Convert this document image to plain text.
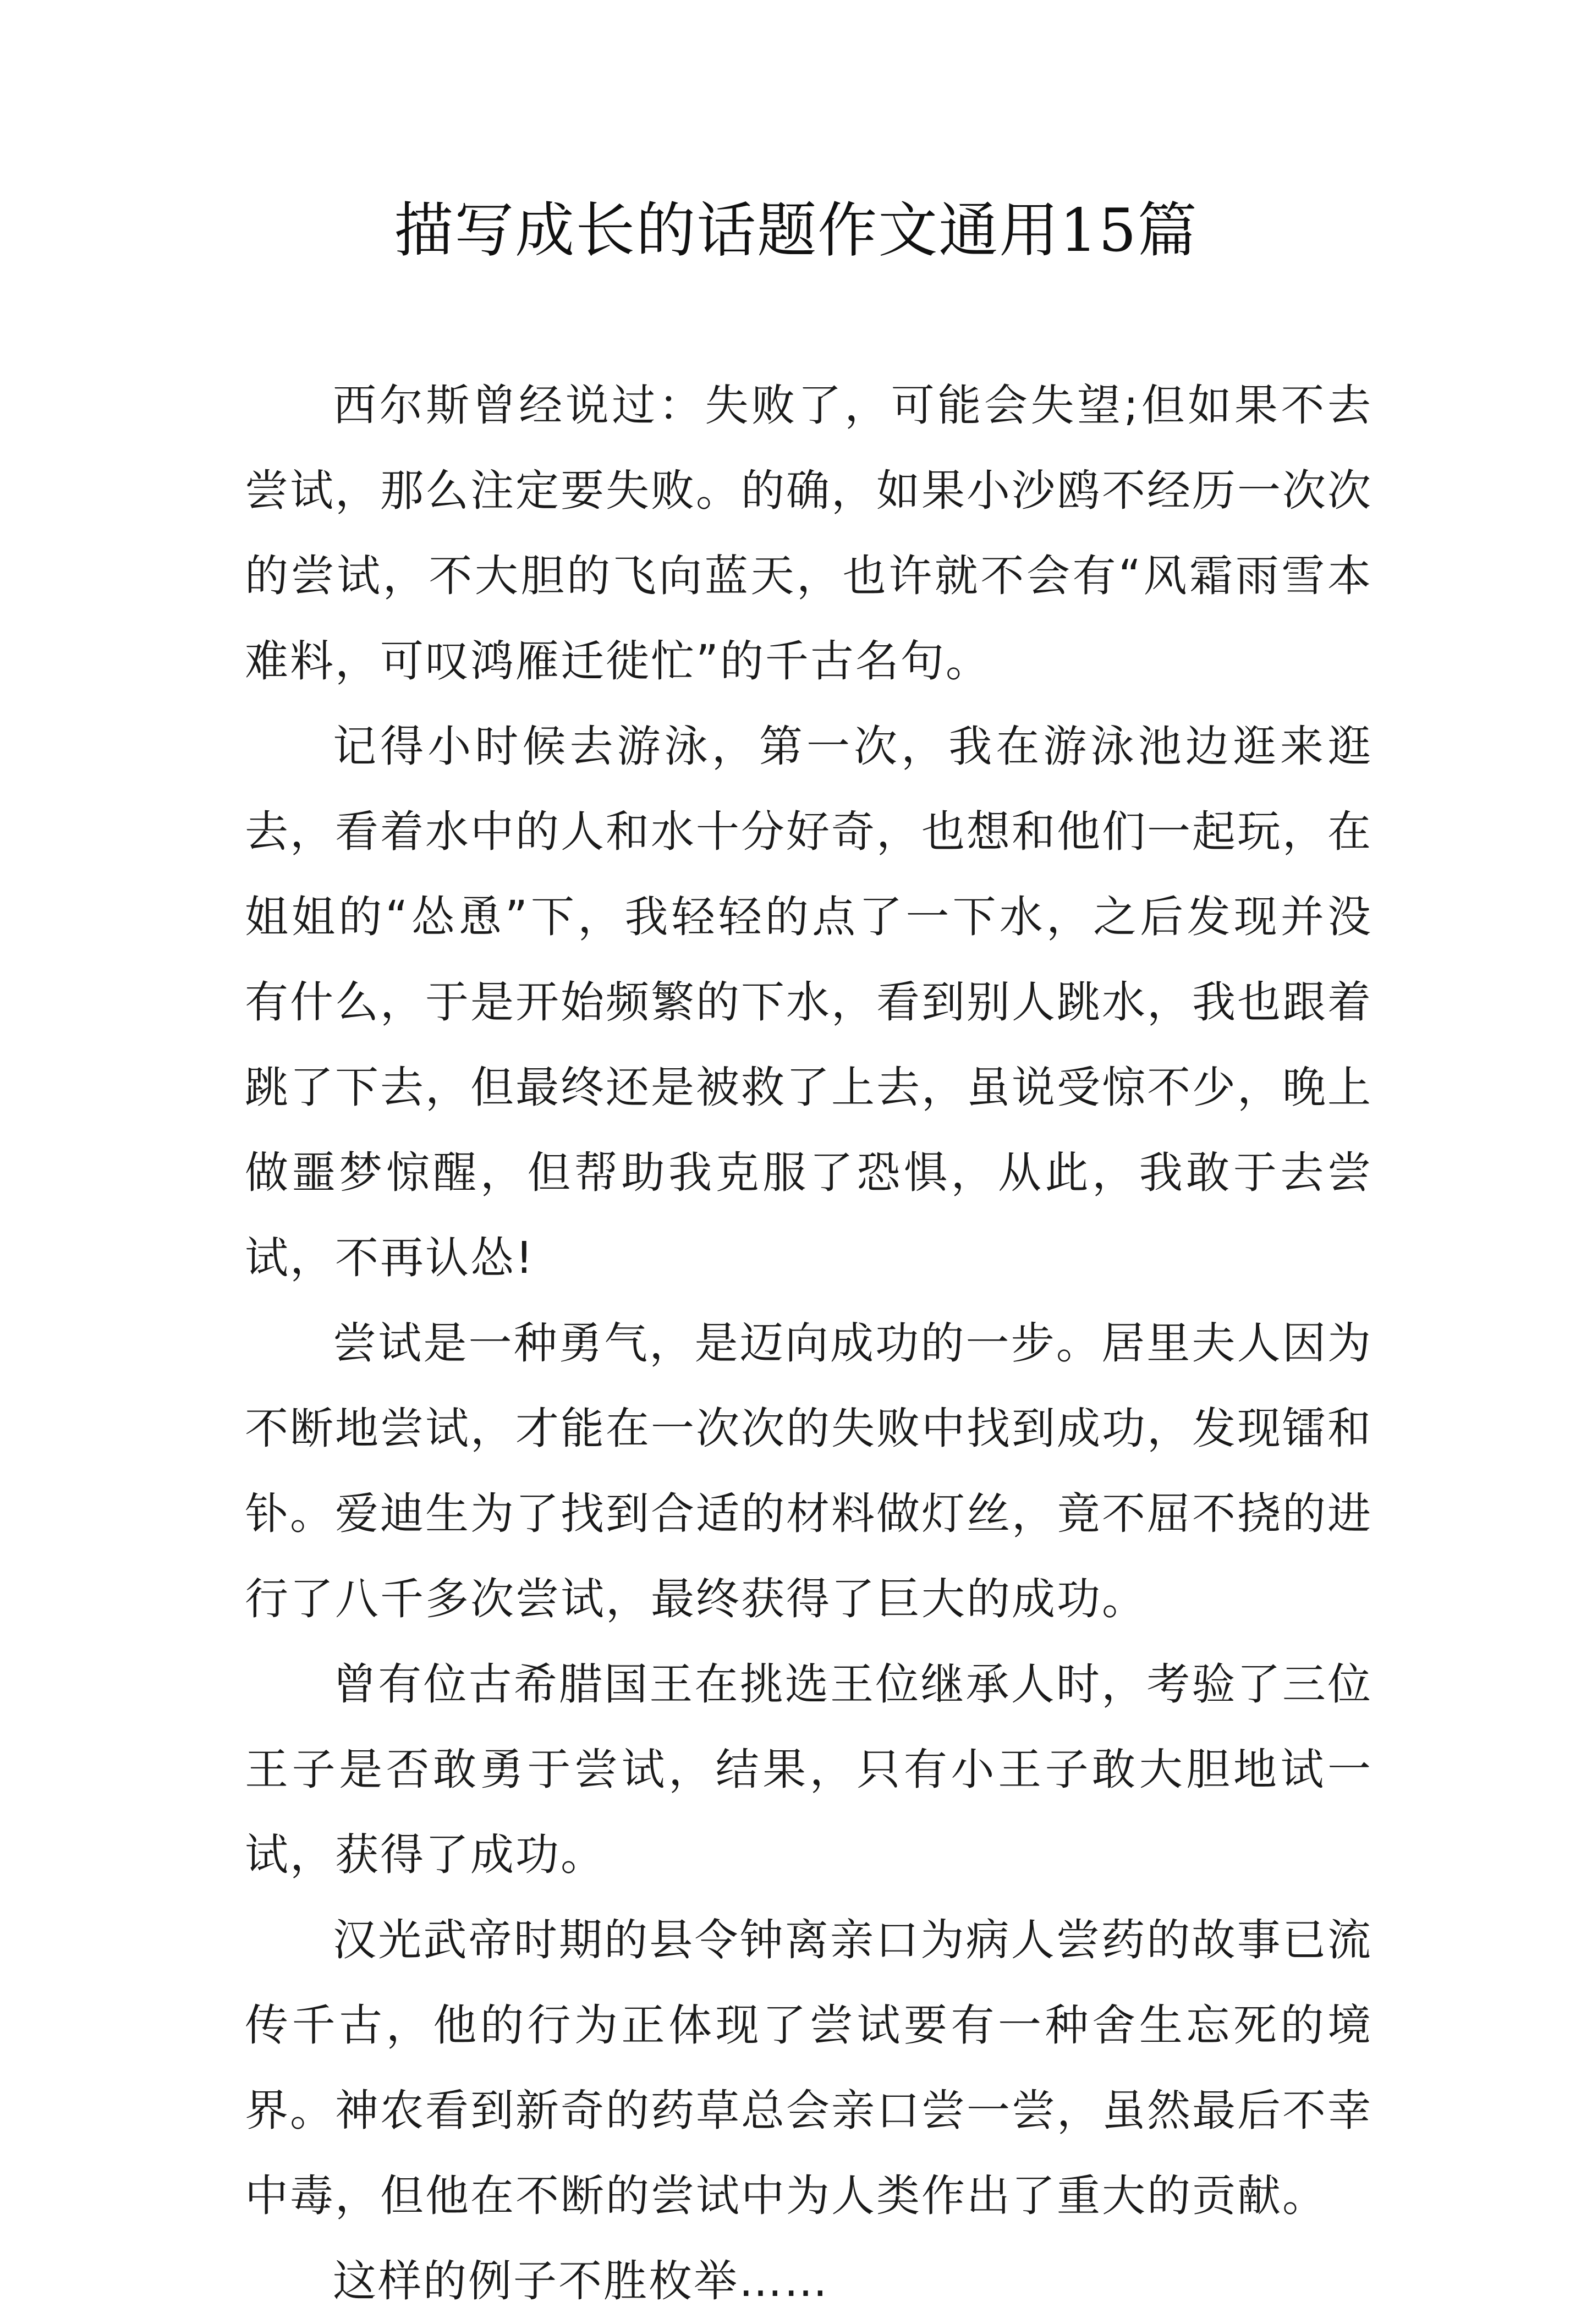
描写成长的话题作文通用15篇

西尔斯曾经说过：失败了，可能会失望;但如果不去尝试，那么注定要失败。的确，如果小沙鸥不经历一次次的尝试，不大胆的飞向蓝天，也许就不会有“风霜雨雪本难料，可叹鸿雁迁徙忙”的千古名句。

记得小时候去游泳，第一次，我在游泳池边逛来逛去，看着水中的人和水十分好奇，也想和他们一起玩，在姐姐的“怂恿”下，我轻轻的点了一下水，之后发现并没有什么，于是开始频繁的下水，看到别人跳水，我也跟着跳了下去，但最终还是被救了上去，虽说受惊不少，晚上做噩梦惊醒，但帮助我克服了恐惧，从此，我敢于去尝试，不再认怂!

尝试是一种勇气，是迈向成功的一步。居里夫人因为不断地尝试，才能在一次次的失败中找到成功，发现镭和钋。爱迪生为了找到合适的材料做灯丝，竟不屈不挠的进行了八千多次尝试，最终获得了巨大的成功。

曾有位古希腊国王在挑选王位继承人时，考验了三位王子是否敢勇于尝试，结果，只有小王子敢大胆地试一试，获得了成功。

汉光武帝时期的县令钟离亲口为病人尝药的故事已流传千古，他的行为正体现了尝试要有一种舍生忘死的境界。神农看到新奇的药草总会亲口尝一尝，虽然最后不幸中毒，但他在不断的尝试中为人类作出了重大的贡献。

这样的例子不胜枚举……
